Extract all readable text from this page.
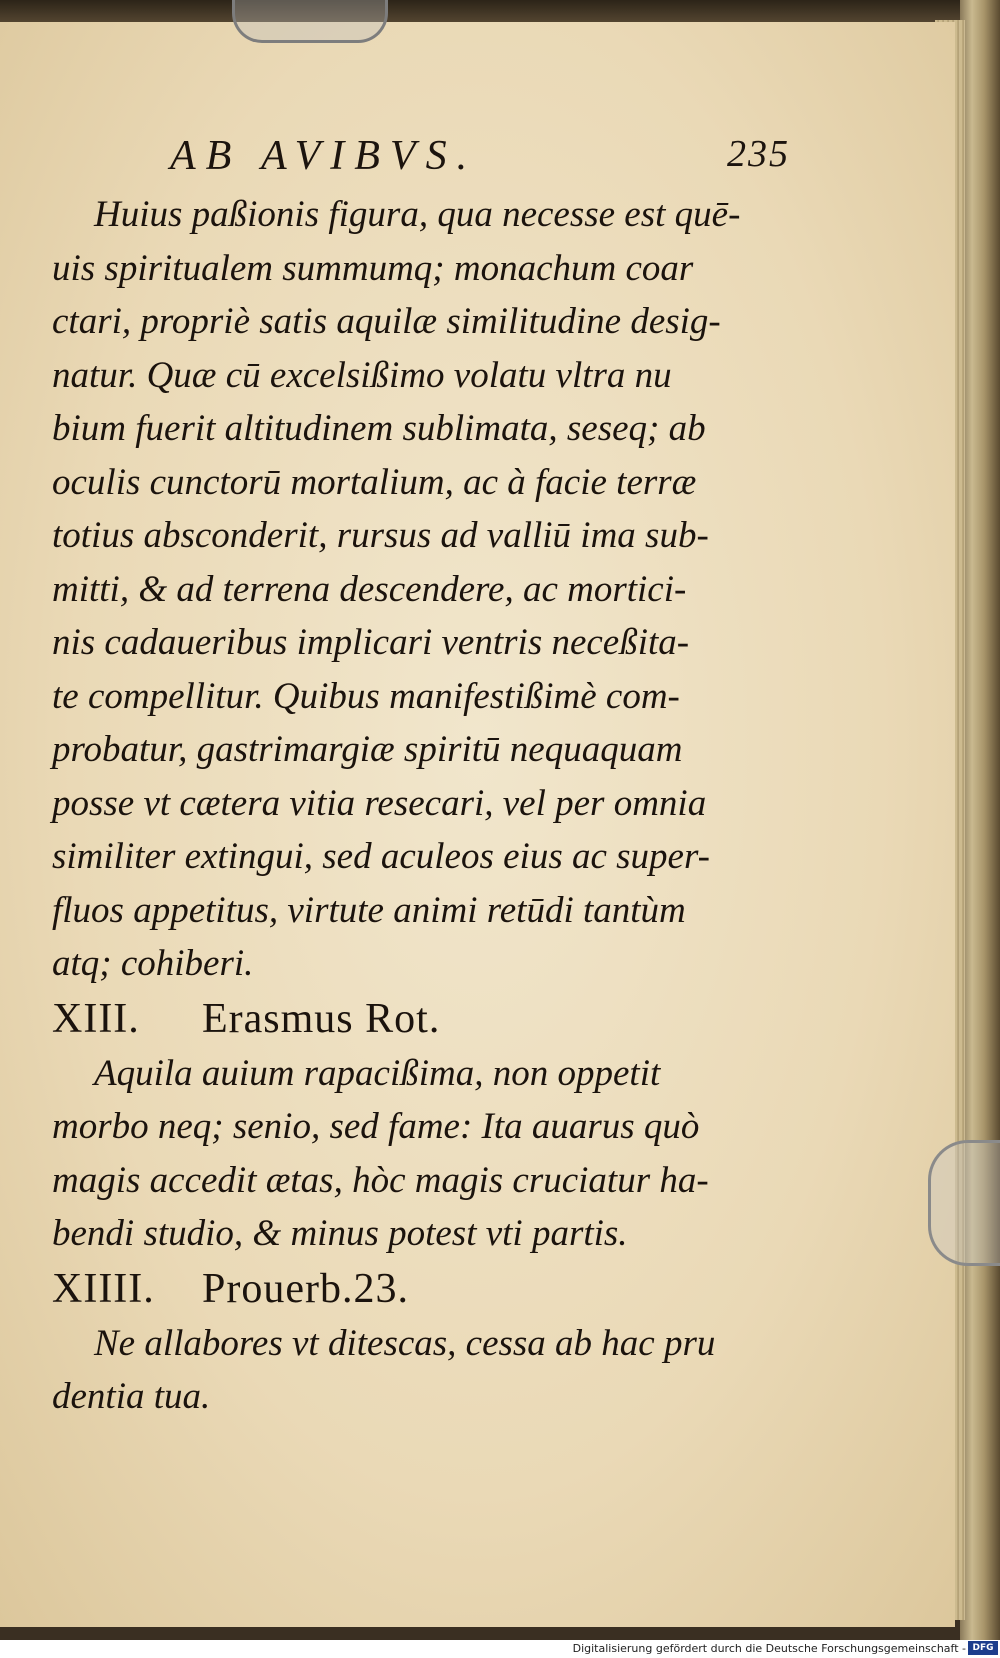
AB AVIBVS.	235
Huius paßionis figura, qua necesse est quē-
uis spiritualem summumq; monachum coar
ctari, propriè satis aquilæ similitudine desig-
natur. Quæ cū excelsißimo volatu vltra nu
bium fuerit altitudinem sublimata, seseq; ab
oculis cunctorū mortalium, ac à facie terræ
totius absconderit, rursus ad valliū ima sub-
mitti, & ad terrena descendere, ac mortici-
nis cadaueribus implicari ventris neceßita-
te compellitur. Quibus manifestißimè com-
probatur, gastrimargiæ spiritū nequaquam
posse vt cætera vitia resecari, vel per omnia
similiter extingui, sed aculeos eius ac super-
fluos appetitus, virtute animi retūdi tantùm
atq; cohiberi.
XIII. Erasmus Rot.
Aquila auium rapacißima, non oppetit
morbo neq; senio, sed fame: Ita auarus quò
magis accedit ætas, hòc magis cruciatur ha-
bendi studio, & minus potest vti partis.
XIIII. Prouerb.23.
Ne allabores vt ditescas, cessa ab hac pru
dentia tua.
Digitalisierung gefördert durch die Deutsche Forschungsgemeinschaft - DFG
